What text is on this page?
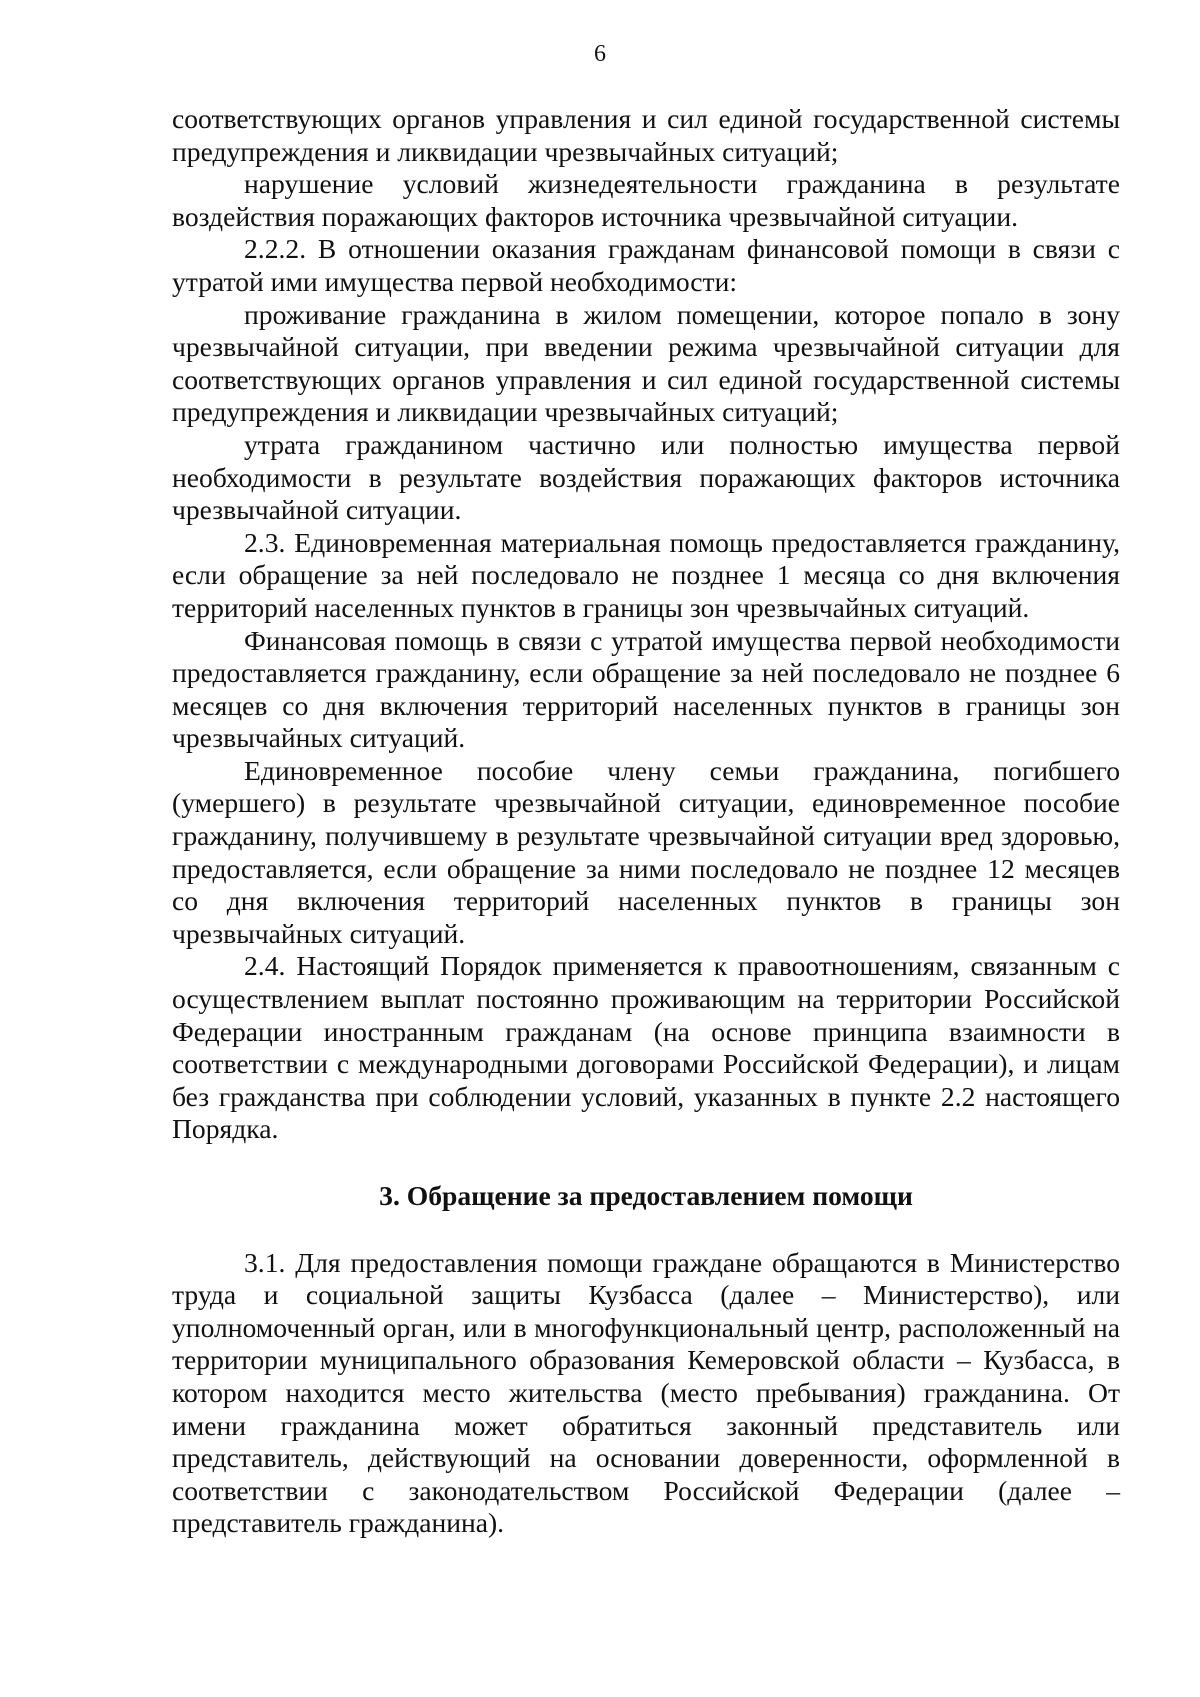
6

соответствующих органов управления и сил единой государственной системы предупреждения и ликвидации чрезвычайных ситуаций;

нарушение условий жизнедеятельности гражданина в результате воздействия поражающих факторов источника чрезвычайной ситуации.

2.2.2. В отношении оказания гражданам финансовой помощи в связи с утратой ими имущества первой необходимости:

проживание гражданина в жилом помещении, которое попало в зону чрезвычайной ситуации, при введении режима чрезвычайной ситуации для соответствующих органов управления и сил единой государственной системы предупреждения и ликвидации чрезвычайных ситуаций;

утрата гражданином частично или полностью имущества первой необходимости в результате воздействия поражающих факторов источника чрезвычайной ситуации.

2.3. Единовременная материальная помощь предоставляется гражданину, если обращение за ней последовало не позднее 1 месяца со дня включения территорий населенных пунктов в границы зон чрезвычайных ситуаций.

Финансовая помощь в связи с утратой имущества первой необходимости предоставляется гражданину, если обращение за ней последовало не позднее 6 месяцев со дня включения территорий населенных пунктов в границы зон чрезвычайных ситуаций.

Единовременное пособие члену семьи гражданина, погибшего (умершего) в результате чрезвычайной ситуации, единовременное пособие гражданину, получившему в результате чрезвычайной ситуации вред здоровью, предоставляется, если обращение за ними последовало не позднее 12 месяцев со дня включения территорий населенных пунктов в границы зон чрезвычайных ситуаций.

2.4. Настоящий Порядок применяется к правоотношениям, связанным с осуществлением выплат постоянно проживающим на территории Российской Федерации иностранным гражданам (на основе принципа взаимности в соответствии с международными договорами Российской Федерации), и лицам без гражданства при соблюдении условий, указанных в пункте 2.2 настоящего Порядка.

3. Обращение за предоставлением помощи

3.1. Для предоставления помощи граждане обращаются в Министерство труда и социальной защиты Кузбасса (далее – Министерство), или уполномоченный орган, или в многофункциональный центр, расположенный на территории муниципального образования Кемеровской области – Кузбасса, в котором находится место жительства (место пребывания) гражданина. От имени гражданина может обратиться законный представитель или представитель, действующий на основании доверенности, оформленной в соответствии с законодательством Российской Федерации (далее – представитель гражданина).
